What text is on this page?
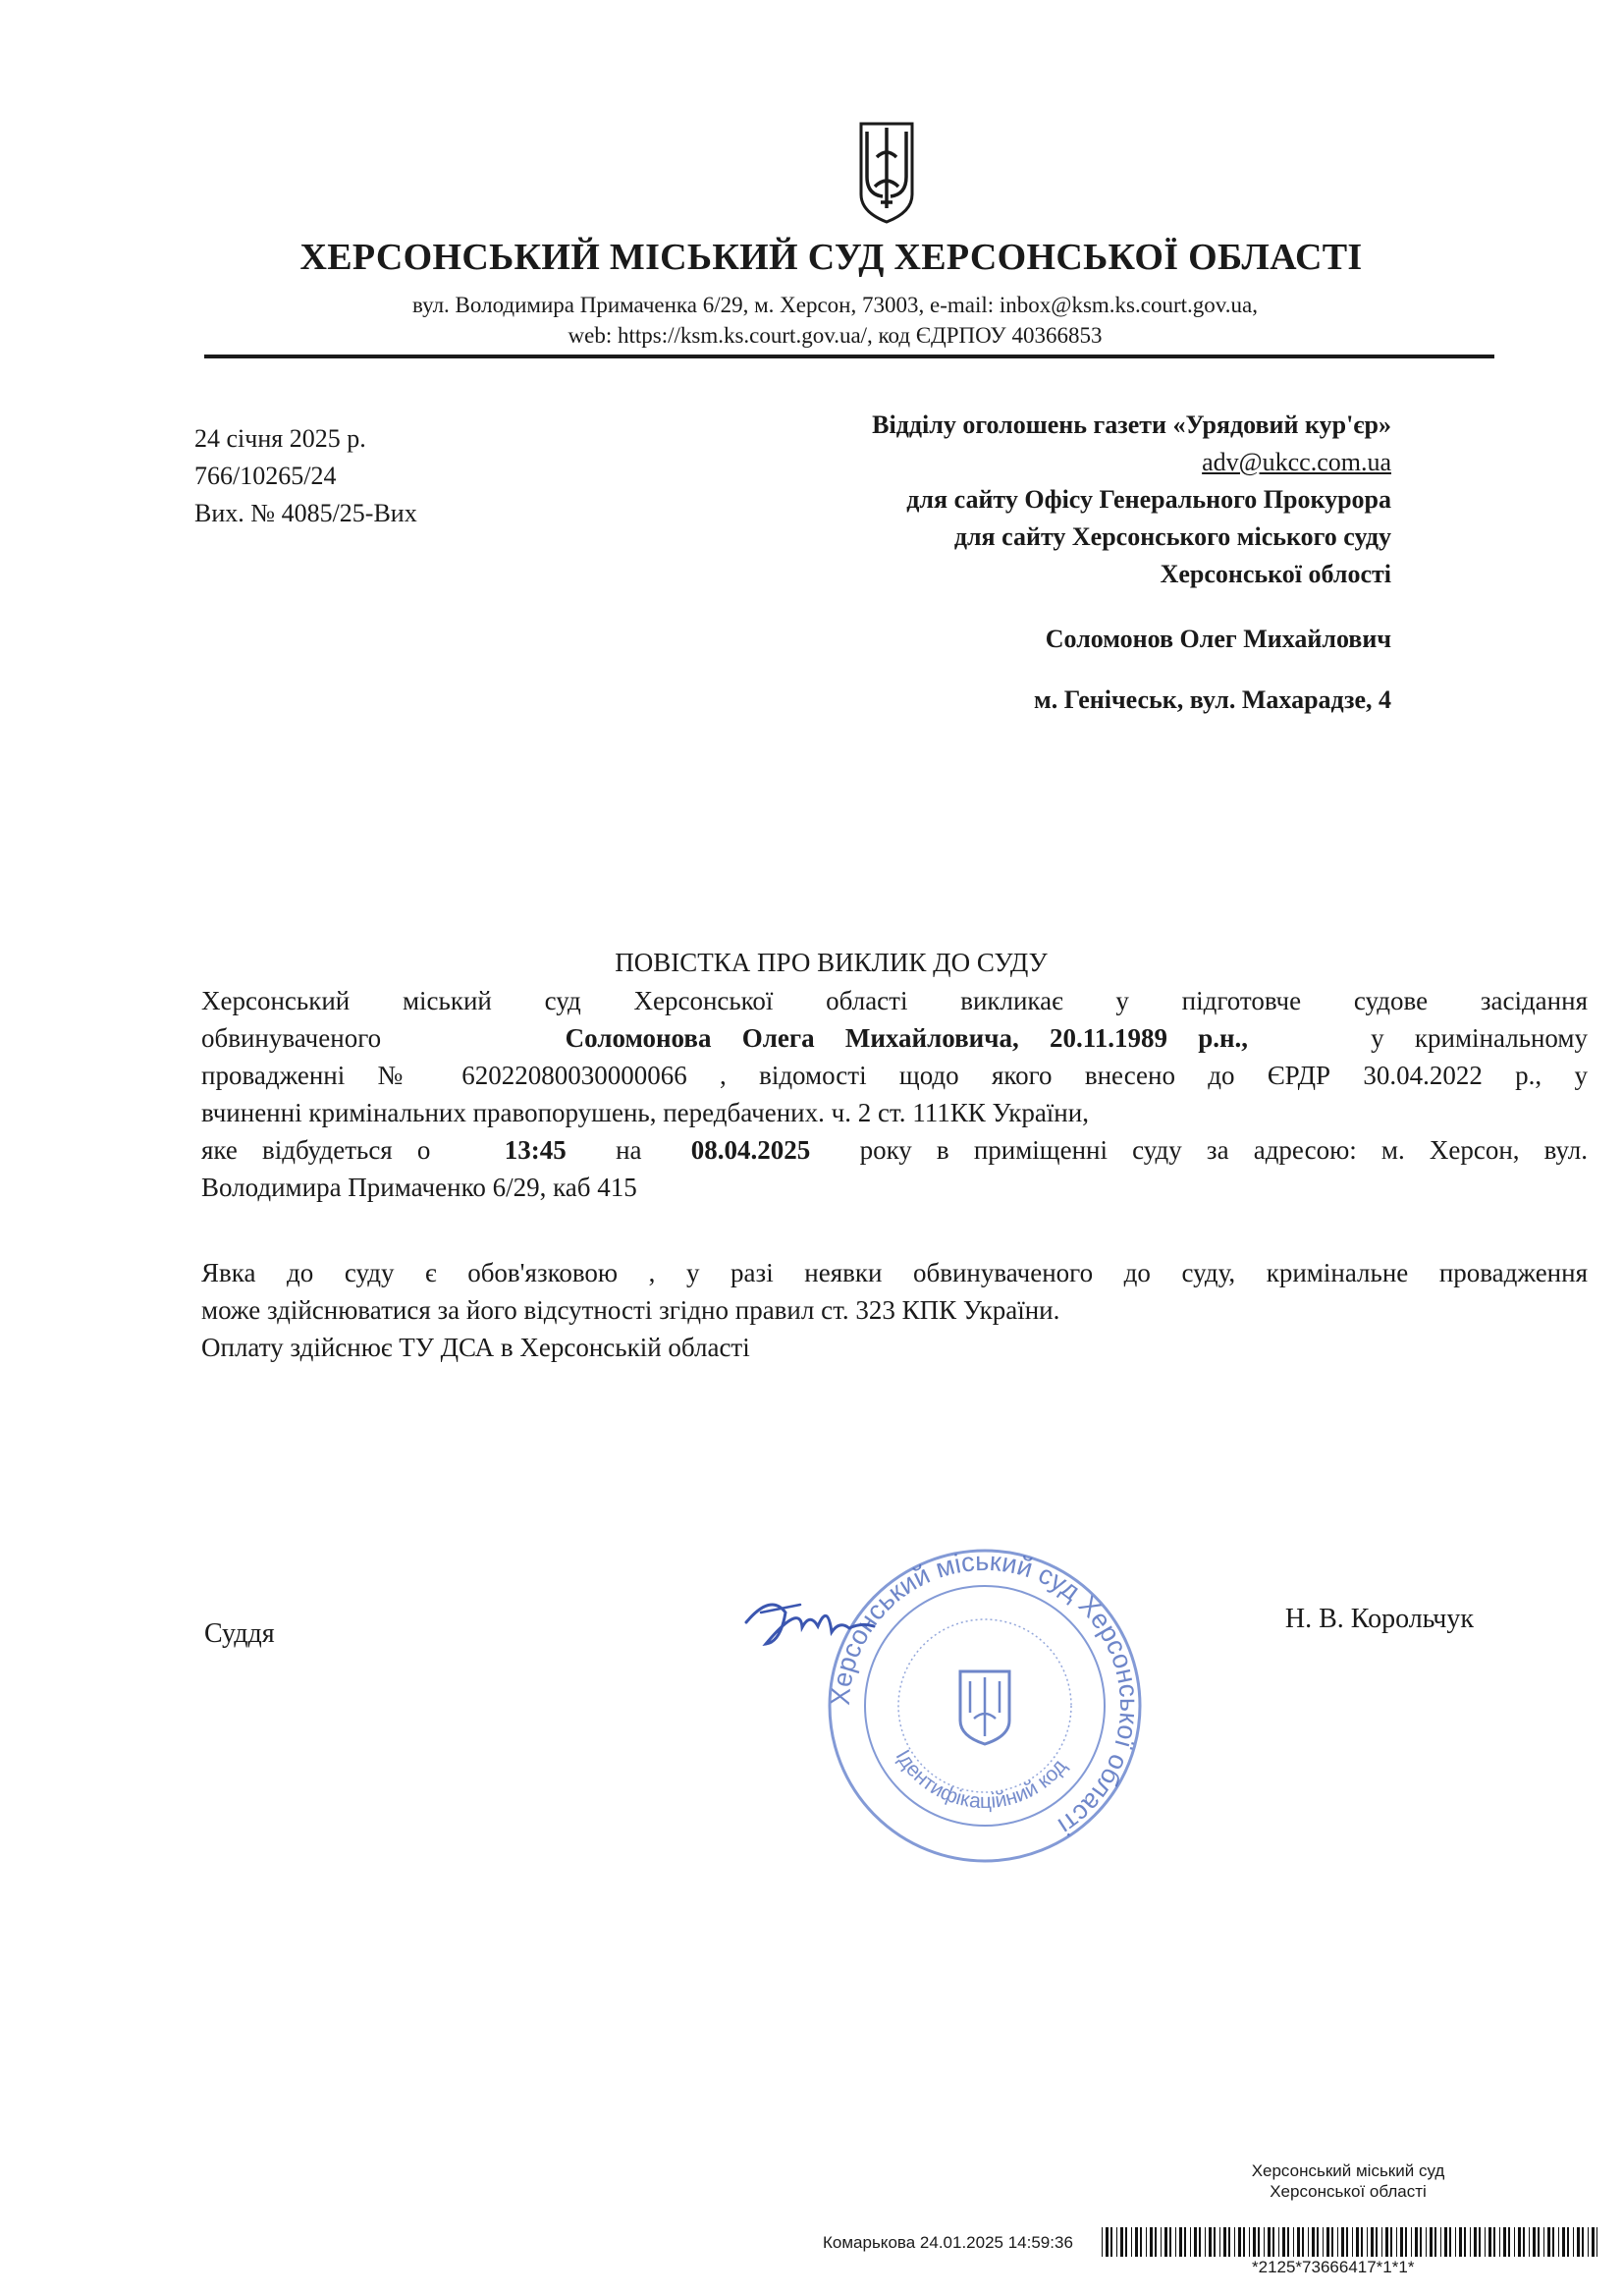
ХЕРСОНСЬКИЙ МІСЬКИЙ СУД ХЕРСОНСЬКОЇ ОБЛАСТІ
вул. Володимира Примаченка 6/29, м. Херсон, 73003, e-mail: inbox@ksm.ks.court.gov.ua,
web: https://ksm.ks.court.gov.ua/, код ЄДРПОУ 40366853
24 січня 2025 р.
766/10265/24
Вих. № 4085/25-Вих
Відділу оголошень газети «Урядовий кур'єр»
adv@ukcc.com.ua
для сайту Офісу Генерального Прокурора
для сайту Херсонського міського суду
Херсонської облості
Соломонов Олег Михайлович
м. Генічеськ, вул. Махарадзе, 4
ПОВІСТКА ПРО ВИКЛИК ДО СУДУ
Херсонський міський суд Херсонської області викликає у підготовче судове засідання
обвинуваченого	Соломонова Олега Михайловича, 20.11.1989 р.н.,	у кримінальному
провадженні № 62022080030000066 , відомості щодо якого внесено до ЄРДР 30.04.2022 р., у
вчиненні кримінальних правопорушень, передбачених. ч. 2 ст. 111КК України,
яке відбудеться о	13:45 на 08.04.2025 року в приміщенні суду за адресою: м. Херсон, вул.
Володимира Примаченко 6/29, каб 415
Явка до суду є обов'язковою , у разі неявки обвинуваченого до суду, кримінальне провадження
може здійснюватися за його відсутності згідно правил ст. 323 КПК України.
Оплату здійснює ТУ ДСА в Херсонській області
Суддя	Н. В. Корольчук
Херсонський міський суд Херсонської області
Ідентифікаційний код
Херсонський міський суд
Херсонської області
Комарькова 24.01.2025 14:59:36
*2125*73666417*1*1*
